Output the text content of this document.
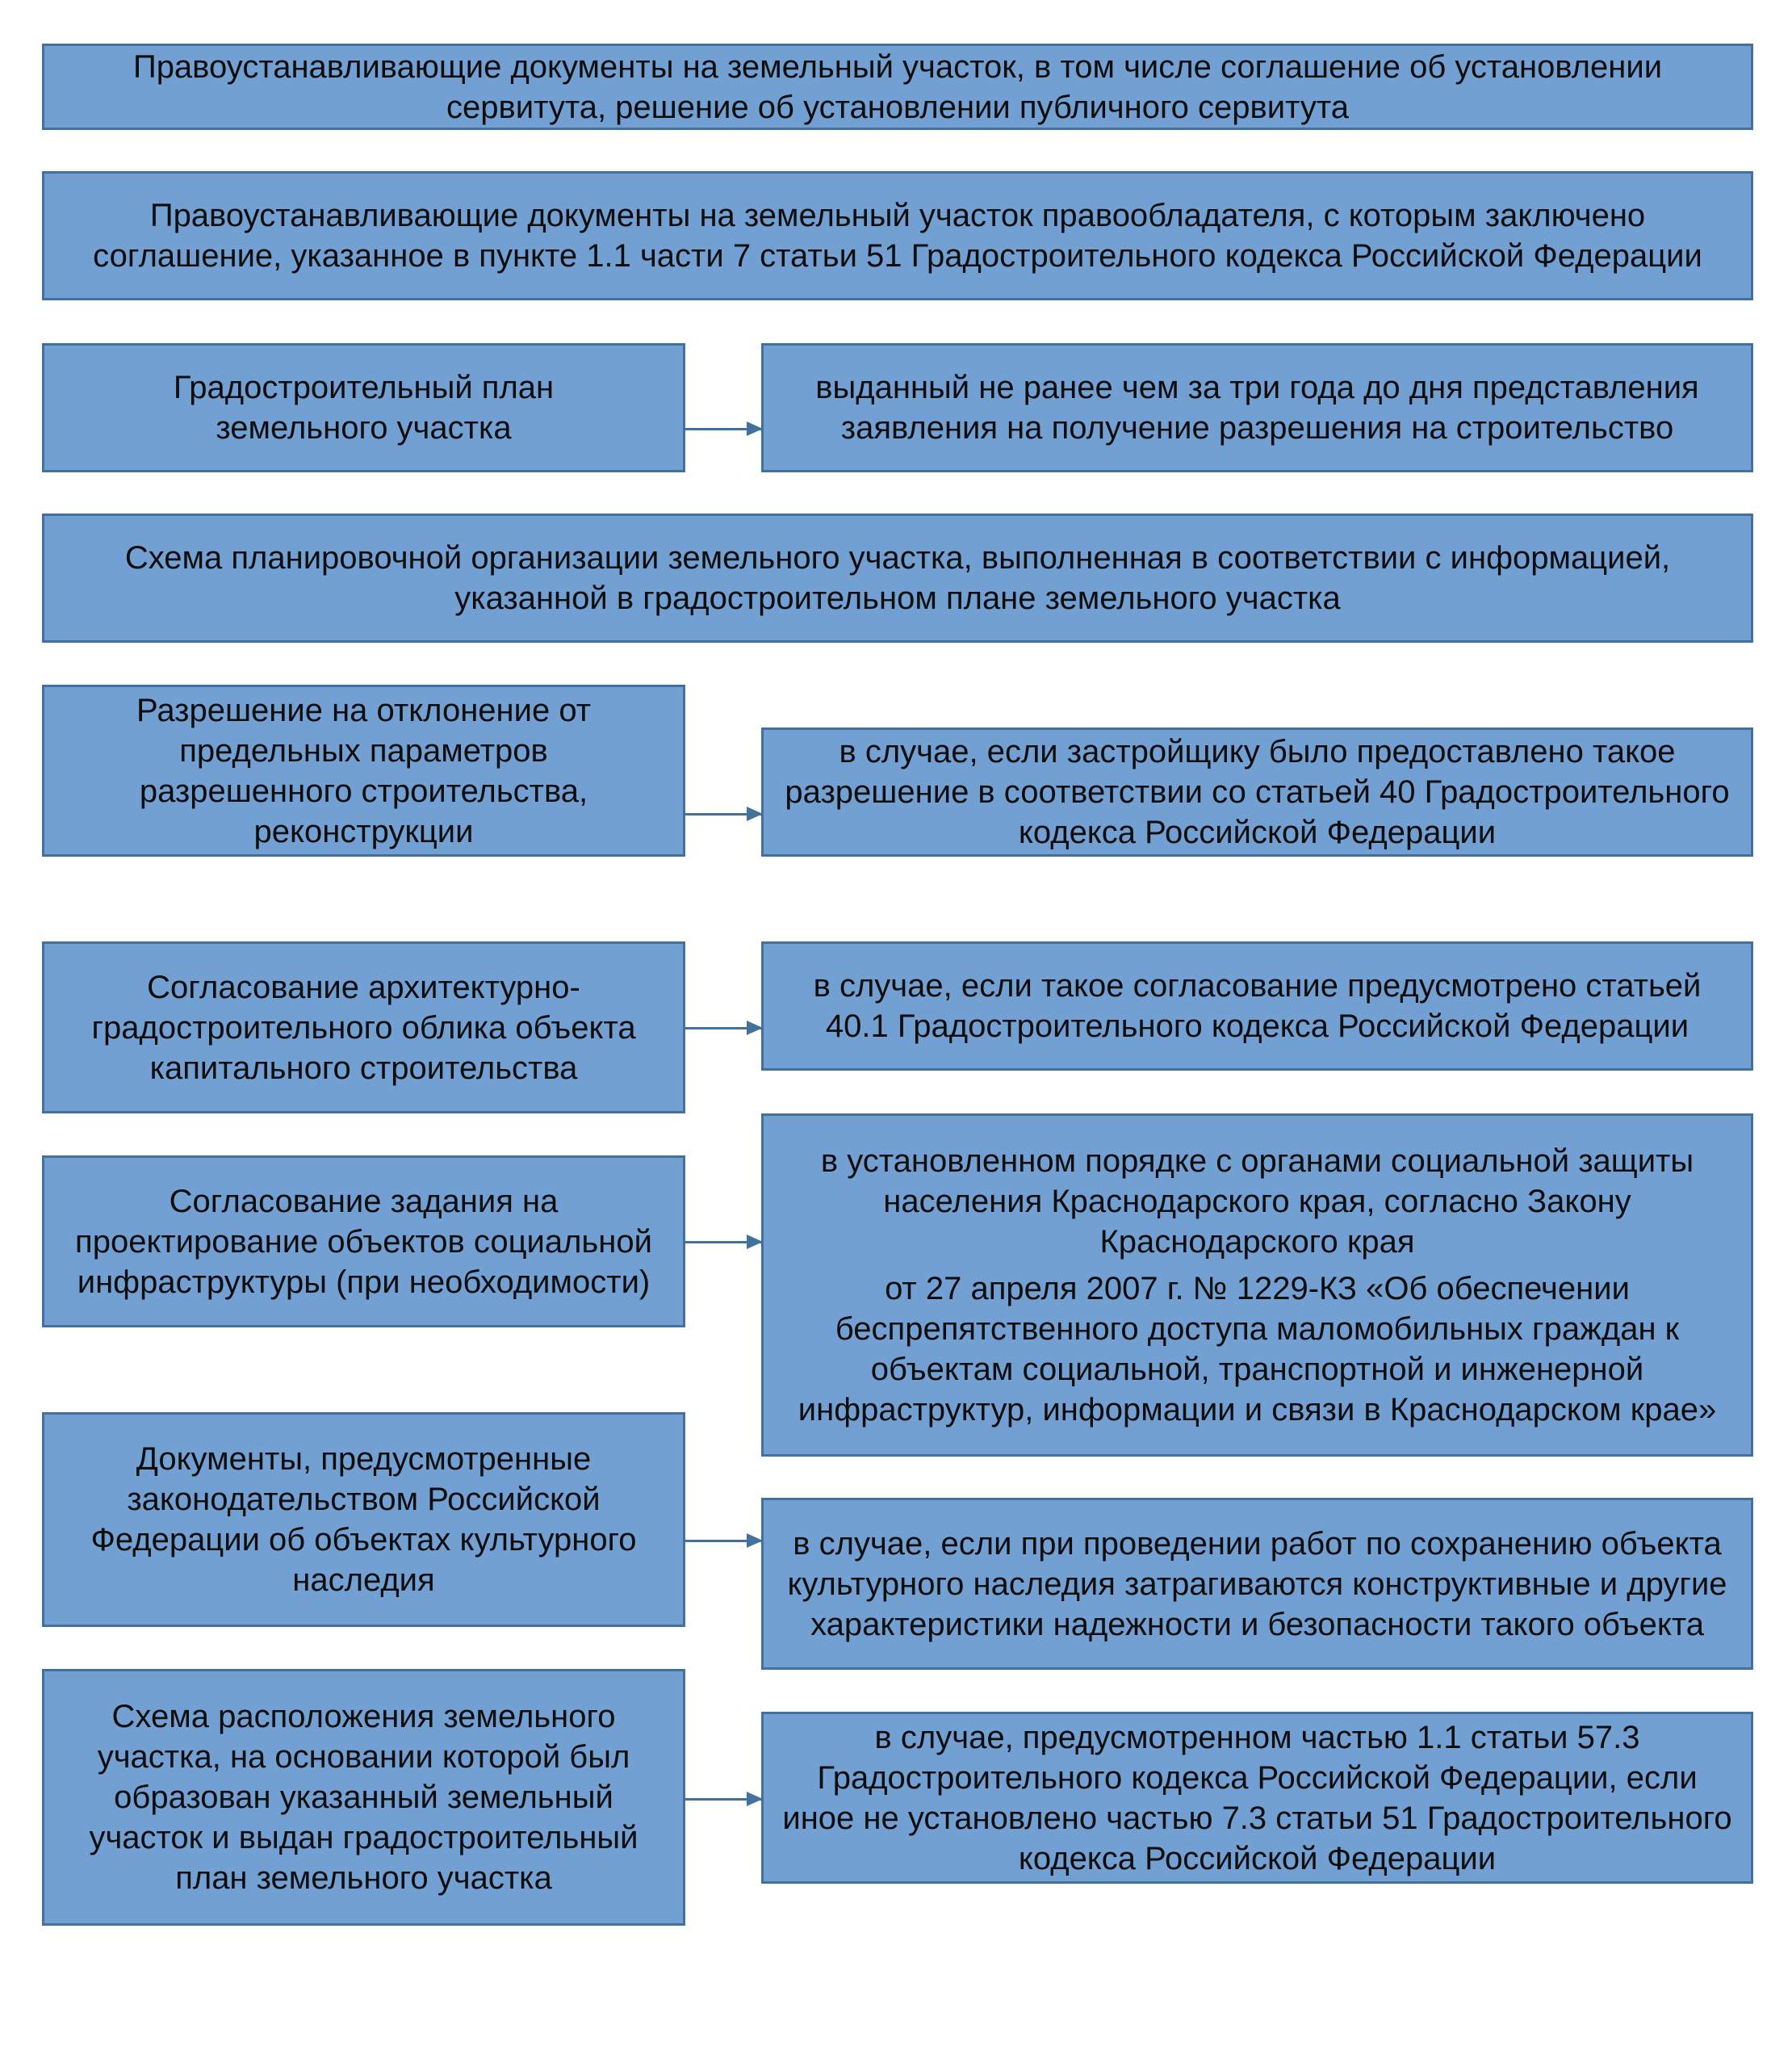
Правоустанавливающие документы на земельный участок, в том числе соглашение об установлении сервитута, решение об установлении публичного сервитута

Правоустанавливающие документы на земельный участок правообладателя, с которым заключено соглашение, указанное в пункте 1.1 части 7 статьи 51 Градостроительного кодекса Российской Федерации

Градостроительный план земельного участка

выданный не ранее чем за три года до дня представления заявления на получение разрешения на строительство

Схема планировочной организации земельного участка, выполненная в соответствии с информацией, указанной в градостроительном плане земельного участка

Разрешение на отклонение от предельных параметров разрешенного строительства, реконструкции

в случае, если застройщику было предоставлено такое разрешение в соответствии со статьей 40 Градостроительного кодекса Российской Федерации

Согласование архитектурно-градостроительного облика объекта капитального строительства

в случае, если такое согласование предусмотрено статьей 40.1 Градостроительного кодекса Российской Федерации

Согласование задания на проектирование объектов социальной инфраструктуры (при необходимости)

в установленном порядке с органами социальной защиты населения Краснодарского края, согласно Закону Краснодарского края

от 27 апреля 2007 г. № 1229-КЗ «Об обеспечении беспрепятственного доступа маломобильных граждан к объектам социальной, транспортной и инженерной инфраструктур, информации и связи в Краснодарском крае»

Документы, предусмотренные законодательством Российской Федерации об объектах культурного наследия

в случае, если при проведении работ по сохранению объекта культурного наследия затрагиваются конструктивные и другие характеристики надежности и безопасности такого объекта

Схема расположения земельного участка, на основании которой был образован указанный земельный участок и выдан градостроительный план земельного участка

в случае, предусмотренном частью 1.1 статьи 57.3 Градостроительного кодекса Российской Федерации, если иное не установлено частью 7.3 статьи 51 Градостроительного кодекса Российской Федерации
